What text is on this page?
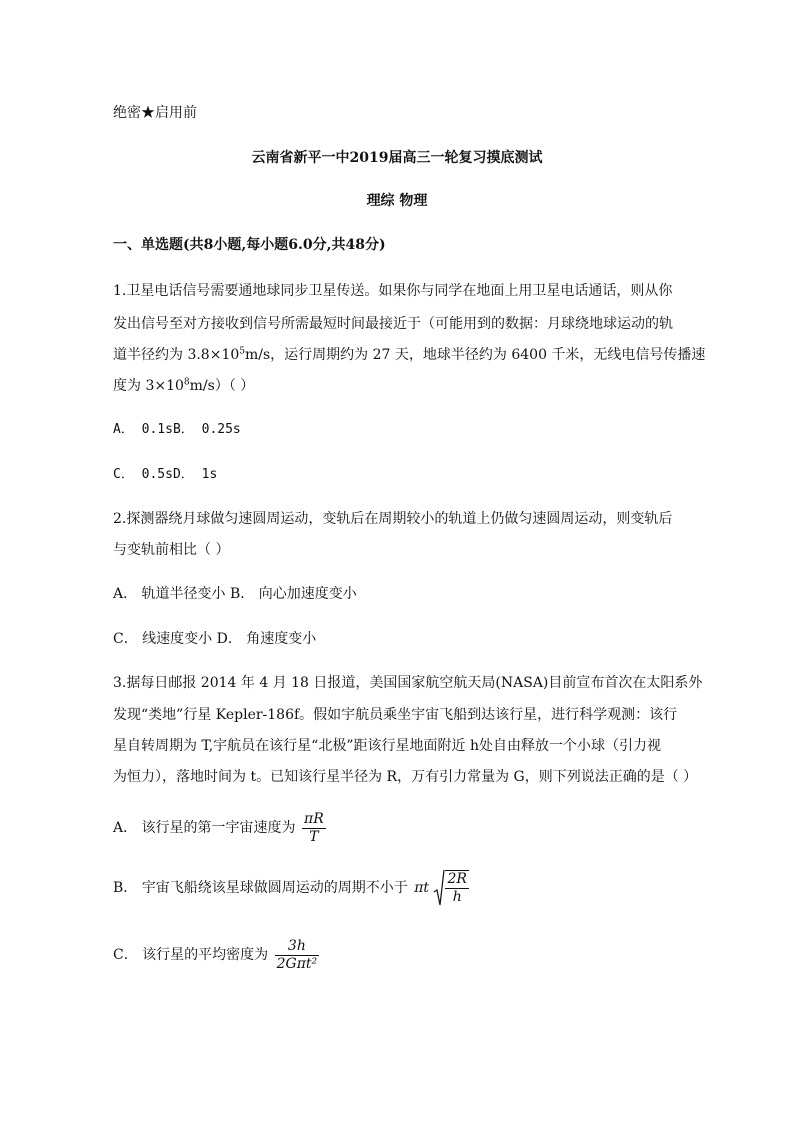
绝密★启用前
云南省新平一中2019届高三一轮复习摸底测试
理综 物理
一、单选题(共8小题,每小题6.0分,共48分)
1.卫星电话信号需要通地球同步卫星传送。如果你与同学在地面上用卫星电话通话，则从你
发出信号至对方接收到信号所需最短时间最接近于（可能用到的数据：月球绕地球运动的轨
道半径约为 $3.8\times 10^5m/s$，运行周期约为 27 天，地球半径约为 6400 千米，无线电信号传播速
度为 $3\times 10^8m/s$）（ ）
A． 0.1sB． 0.25s
C． 0.5sD． 1s
2.探测器绕月球做匀速圆周运动，变轨后在周期较小的轨道上仍做匀速圆周运动，则变轨后
与变轨前相比（ ）
A． 轨道半径变小 B． 向心加速度变小
C． 线速度变小 D． 角速度变小
3.据每日邮报 2014 年 4 月 18 日报道，美国国家航空航天局(NASA)目前宣布首次在太阳系外
发现“类地”行星 Kepler-186f。假如宇航员乘坐宇宙飞船到达该行星，进行科学观测：该行
星自转周期为 T,宇航员在该行星“北极”距该行星地面附近 h处自由释放一个小球（引力视
为恒力），落地时间为 t。已知该行星半径为 R，万有引力常量为 G，则下列说法正确的是（ ）
A． 该行星的第一宇宙速度为 $\frac{\pi R}{T}$
B． 宇宙飞船绕该星球做圆周运动的周期不小于 πt $\frac{2R}{h}$
C． 该行星的平均密度为 $\frac{3h}{\text{2Gπt²}}$
